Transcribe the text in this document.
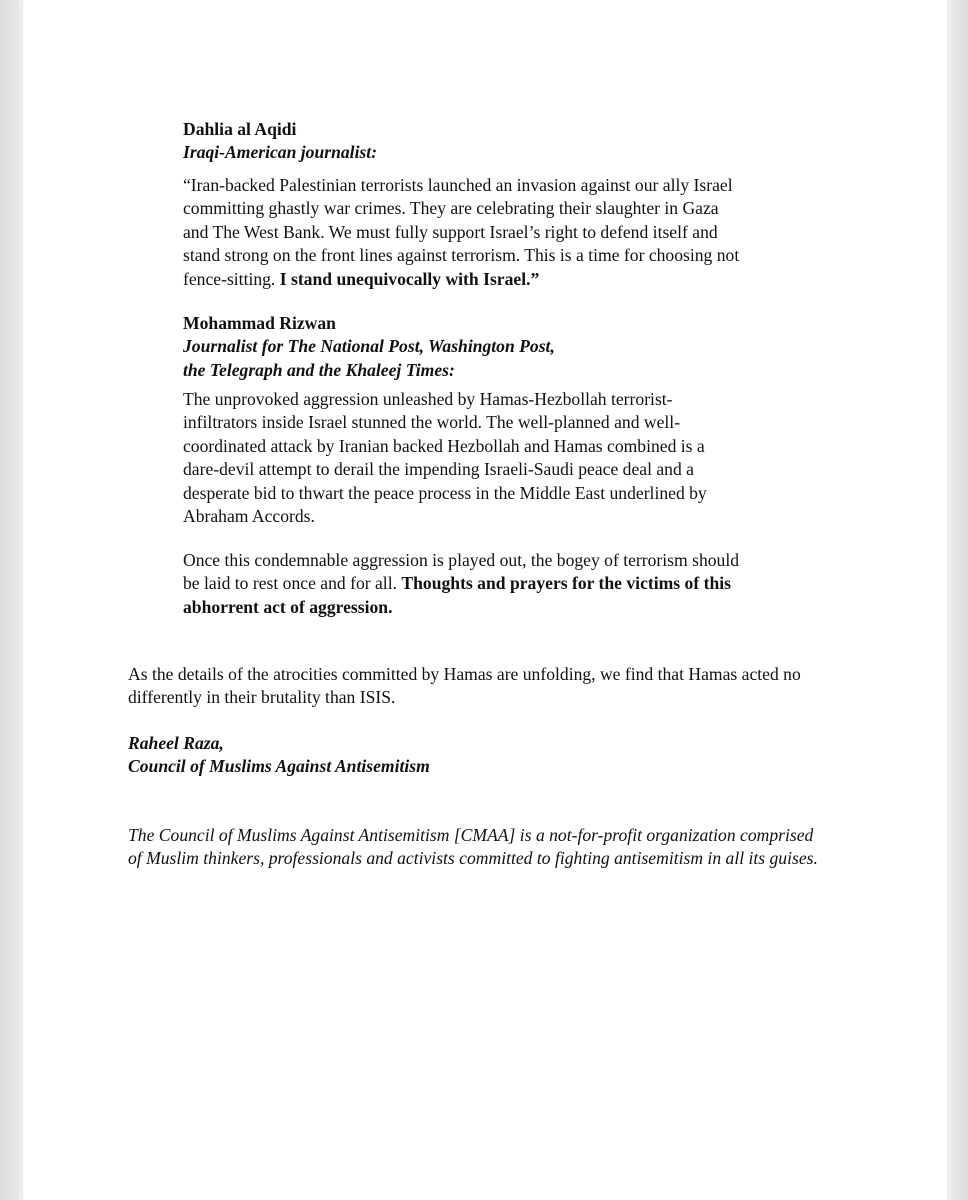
Dahlia al Aqidi
Iraqi-American journalist:
“Iran-backed Palestinian terrorists launched an invasion against our ally Israel
committing ghastly war crimes. They are celebrating their slaughter in Gaza
and The West Bank. We must fully support Israel’s right to defend itself and
stand strong on the front lines against terrorism. This is a time for choosing not
fence-sitting. I stand unequivocally with Israel.”
Mohammad Rizwan
Journalist for The National Post, Washington Post,
the Telegraph and the Khaleej Times:
The unprovoked aggression unleashed by Hamas-Hezbollah terrorist-
infiltrators inside Israel stunned the world. The well-planned and well-
coordinated attack by Iranian backed Hezbollah and Hamas combined is a
dare-devil attempt to derail the impending Israeli-Saudi peace deal and a
desperate bid to thwart the peace process in the Middle East underlined by
Abraham Accords.
Once this condemnable aggression is played out, the bogey of terrorism should
be laid to rest once and for all. Thoughts and prayers for the victims of this
abhorrent act of aggression.
As the details of the atrocities committed by Hamas are unfolding, we find that Hamas acted no
differently in their brutality than ISIS.
Raheel Raza,
Council of Muslims Against Antisemitism
The Council of Muslims Against Antisemitism [CMAA] is a not-for-profit organization comprised
of Muslim thinkers, professionals and activists committed to fighting antisemitism in all its guises.
